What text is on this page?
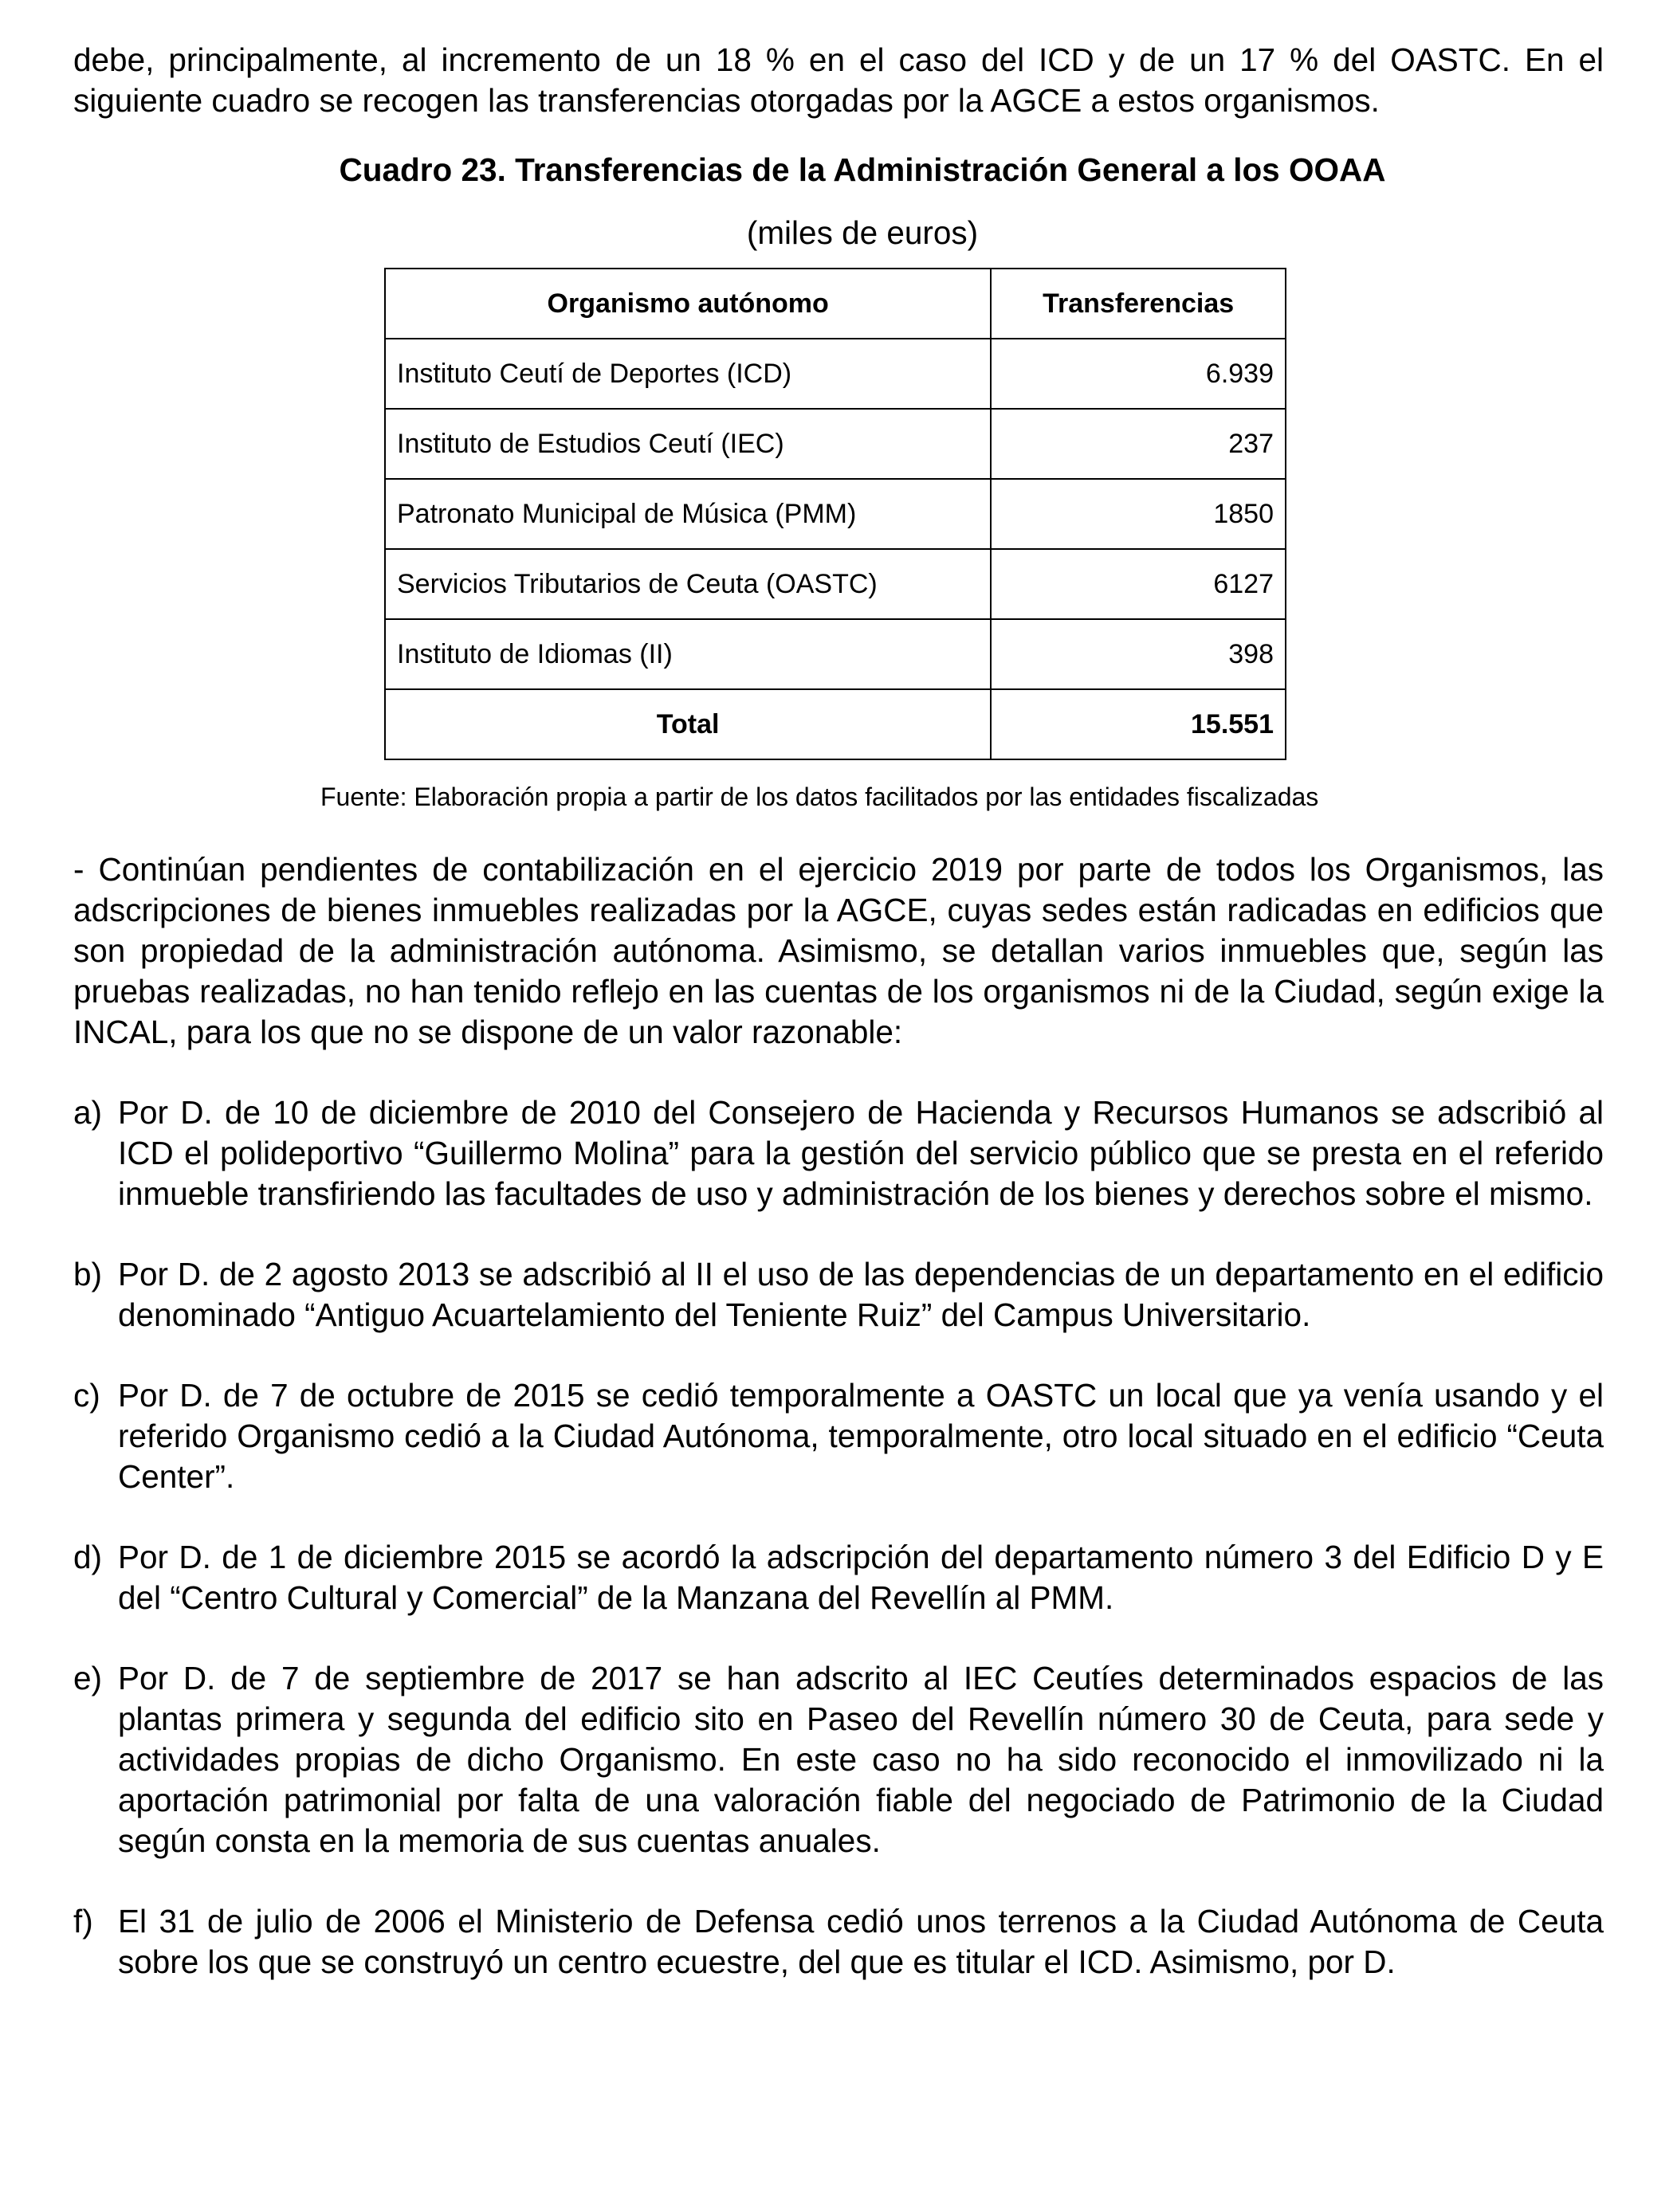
debe, principalmente, al incremento de un 18 % en el caso del ICD y de un 17 % del OASTC. En el siguiente cuadro se recogen las transferencias otorgadas por la AGCE a estos organismos.

Cuadro 23. Transferencias de la Administración General a los OOAA
(miles de euros)
Organismo autónomo	Transferencias
Instituto Ceutí de Deportes (ICD)	6.939
Instituto de Estudios Ceutí (IEC)	237
Patronato Municipal de Música (PMM)	1850
Servicios Tributarios de Ceuta (OASTC)	6127
Instituto de Idiomas (II)	398
Total	15.551
Fuente: Elaboración propia a partir de los datos facilitados por las entidades fiscalizadas

- Continúan pendientes de contabilización en el ejercicio 2019 por parte de todos los Organismos, las adscripciones de bienes inmuebles realizadas por la AGCE, cuyas sedes están radicadas en edificios que son propiedad de la administración autónoma. Asimismo, se detallan varios inmuebles que, según las pruebas realizadas, no han tenido reflejo en las cuentas de los organismos ni de la Ciudad, según exige la INCAL, para los que no se dispone de un valor razonable:

a) Por D. de 10 de diciembre de 2010 del Consejero de Hacienda y Recursos Humanos se adscribió al ICD el polideportivo “Guillermo Molina” para la gestión del servicio público que se presta en el referido inmueble transfiriendo las facultades de uso y administración de los bienes y derechos sobre el mismo.

b) Por D. de 2 agosto 2013 se adscribió al II el uso de las dependencias de un departamento en el edificio denominado “Antiguo Acuartelamiento del Teniente Ruiz” del Campus Universitario.

c) Por D. de 7 de octubre de 2015 se cedió temporalmente a OASTC un local que ya venía usando y el referido Organismo cedió a la Ciudad Autónoma, temporalmente, otro local situado en el edificio “Ceuta Center”.

d) Por D. de 1 de diciembre 2015 se acordó la adscripción del departamento número 3 del Edificio D y E del “Centro Cultural y Comercial” de la Manzana del Revellín al PMM.

e) Por D. de 7 de septiembre de 2017 se han adscrito al IEC Ceutíes determinados espacios de las plantas primera y segunda del edificio sito en Paseo del Revellín número 30 de Ceuta, para sede y actividades propias de dicho Organismo. En este caso no ha sido reconocido el inmovilizado ni la aportación patrimonial por falta de una valoración fiable del negociado de Patrimonio de la Ciudad según consta en la memoria de sus cuentas anuales.

f) El 31 de julio de 2006 el Ministerio de Defensa cedió unos terrenos a la Ciudad Autónoma de Ceuta sobre los que se construyó un centro ecuestre, del que es titular el ICD. Asimismo, por D.
